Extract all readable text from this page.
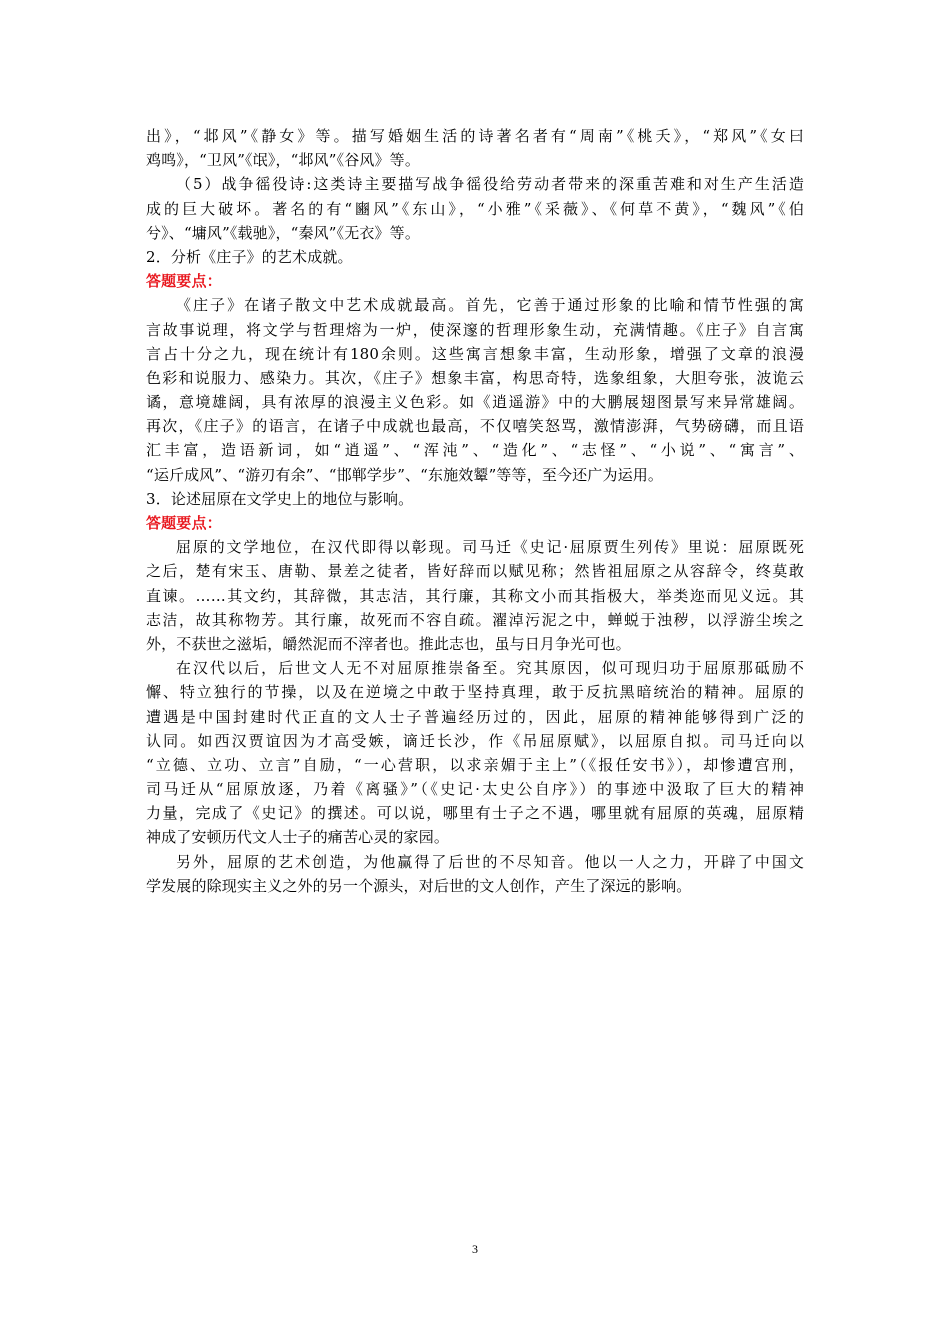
出》，“邶风”《静女》等。描写婚姻生活的诗著名者有“周南”《桃夭》，“郑风”《女曰
鸡鸣》，“卫风”《氓》，“邶风”《谷风》等。
（5）战争徭役诗:这类诗主要描写战争徭役给劳动者带来的深重苦难和对生产生活造
成的巨大破坏。著名的有“豳风”《东山》，“小雅”《采薇》、《何草不黄》，“魏风”《伯
兮》、“墉风”《载驰》，“秦风”《无衣》等。
2．分析《庄子》的艺术成就。
答题要点：
《庄子》在诸子散文中艺术成就最高。首先，它善于通过形象的比喻和情节性强的寓
言故事说理，将文学与哲理熔为一炉，使深邃的哲理形象生动，充满情趣。《庄子》自言寓
言占十分之九，现在统计有180余则。这些寓言想象丰富，生动形象，增强了文章的浪漫
色彩和说服力、感染力。其次，《庄子》想象丰富，构思奇特，选象组象，大胆夸张，波诡云
谲，意境雄阔，具有浓厚的浪漫主义色彩。如《逍遥游》中的大鹏展翅图景写来异常雄阔。
再次，《庄子》的语言，在诸子中成就也最高，不仅嘻笑怒骂，激情澎湃，气势磅礴，而且语
汇丰富，造语新词，如“逍遥”、“浑沌”、“造化”、“志怪”、“小说”、“寓言”、
“运斤成风”、“游刃有余”、“邯郸学步”、“东施效颦”等等，至今还广为运用。
3．论述屈原在文学史上的地位与影响。
答题要点：
屈原的文学地位，在汉代即得以彰现。司马迁《史记·屈原贾生列传》里说：屈原既死
之后，楚有宋玉、唐勒、景差之徒者，皆好辞而以赋见称；然皆祖屈原之从容辞令，终莫敢
直谏。……其文约，其辞微，其志洁，其行廉，其称文小而其指极大，举类迩而见义远。其
志洁，故其称物芳。其行廉，故死而不容自疏。濯淖污泥之中，蝉蜕于浊秽，以浮游尘埃之
外，不获世之滋垢，皭然泥而不滓者也。推此志也，虽与日月争光可也。
在汉代以后，后世文人无不对屈原推崇备至。究其原因，似可现归功于屈原那砥励不
懈、特立独行的节操，以及在逆境之中敢于坚持真理，敢于反抗黑暗统治的精神。屈原的
遭遇是中国封建时代正直的文人士子普遍经历过的，因此，屈原的精神能够得到广泛的
认同。如西汉贾谊因为才高受嫉，谪迁长沙，作《吊屈原赋》，以屈原自拟。司马迁向以
“立德、立功、立言”自励，“一心营职，以求亲媚于主上”（《报任安书》），却惨遭宫刑，
司马迁从“屈原放逐，乃着《离骚》”（《史记·太史公自序》）的事迹中汲取了巨大的精神
力量，完成了《史记》的撰述。可以说，哪里有士子之不遇，哪里就有屈原的英魂，屈原精
神成了安顿历代文人士子的痛苦心灵的家园。
另外，屈原的艺术创造，为他赢得了后世的不尽知音。他以一人之力，开辟了中国文
学发展的除现实主义之外的另一个源头，对后世的文人创作，产生了深远的影响。
3
